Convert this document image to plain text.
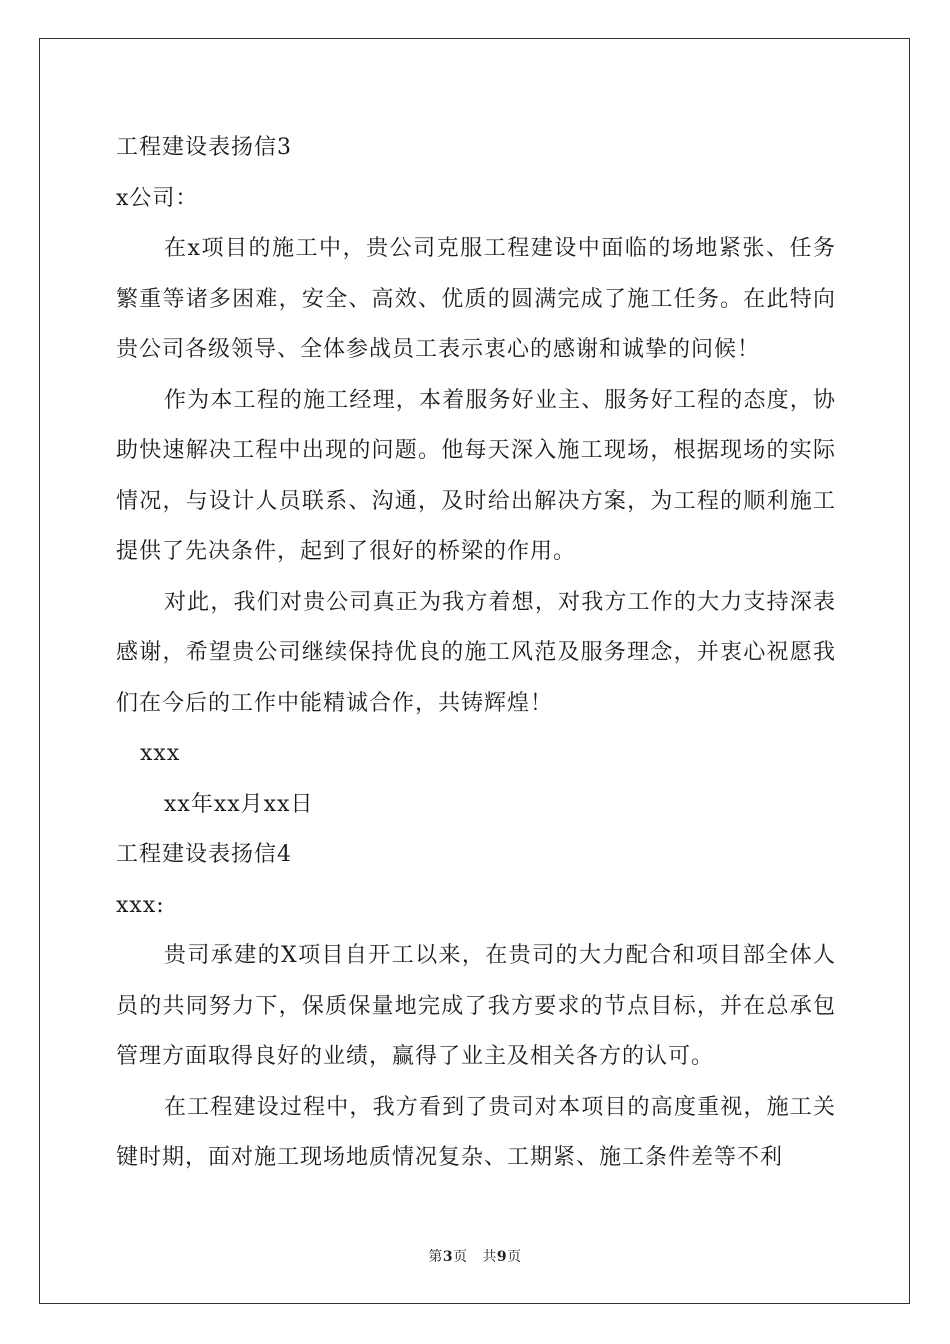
工程建设表扬信3

x公司：

在x项目的施工中，贵公司克服工程建设中面临的场地紧张、任务繁重等诸多困难，安全、高效、优质的圆满完成了施工任务。在此特向贵公司各级领导、全体参战员工表示衷心的感谢和诚挚的问候！

作为本工程的施工经理，本着服务好业主、服务好工程的态度，协助快速解决工程中出现的问题。他每天深入施工现场，根据现场的实际情况，与设计人员联系、沟通，及时给出解决方案，为工程的顺利施工提供了先决条件，起到了很好的桥梁的作用。

对此，我们对贵公司真正为我方着想，对我方工作的大力支持深表感谢，希望贵公司继续保持优良的施工风范及服务理念，并衷心祝愿我们在今后的工作中能精诚合作，共铸辉煌！

xxx

xx年xx月xx日

工程建设表扬信4

xxx:

贵司承建的X项目自开工以来，在贵司的大力配合和项目部全体人员的共同努力下，保质保量地完成了我方要求的节点目标，并在总承包管理方面取得良好的业绩，赢得了业主及相关各方的认可。

在工程建设过程中，我方看到了贵司对本项目的高度重视，施工关键时期，面对施工现场地质情况复杂、工期紧、施工条件差等不利

第3页 共9页
